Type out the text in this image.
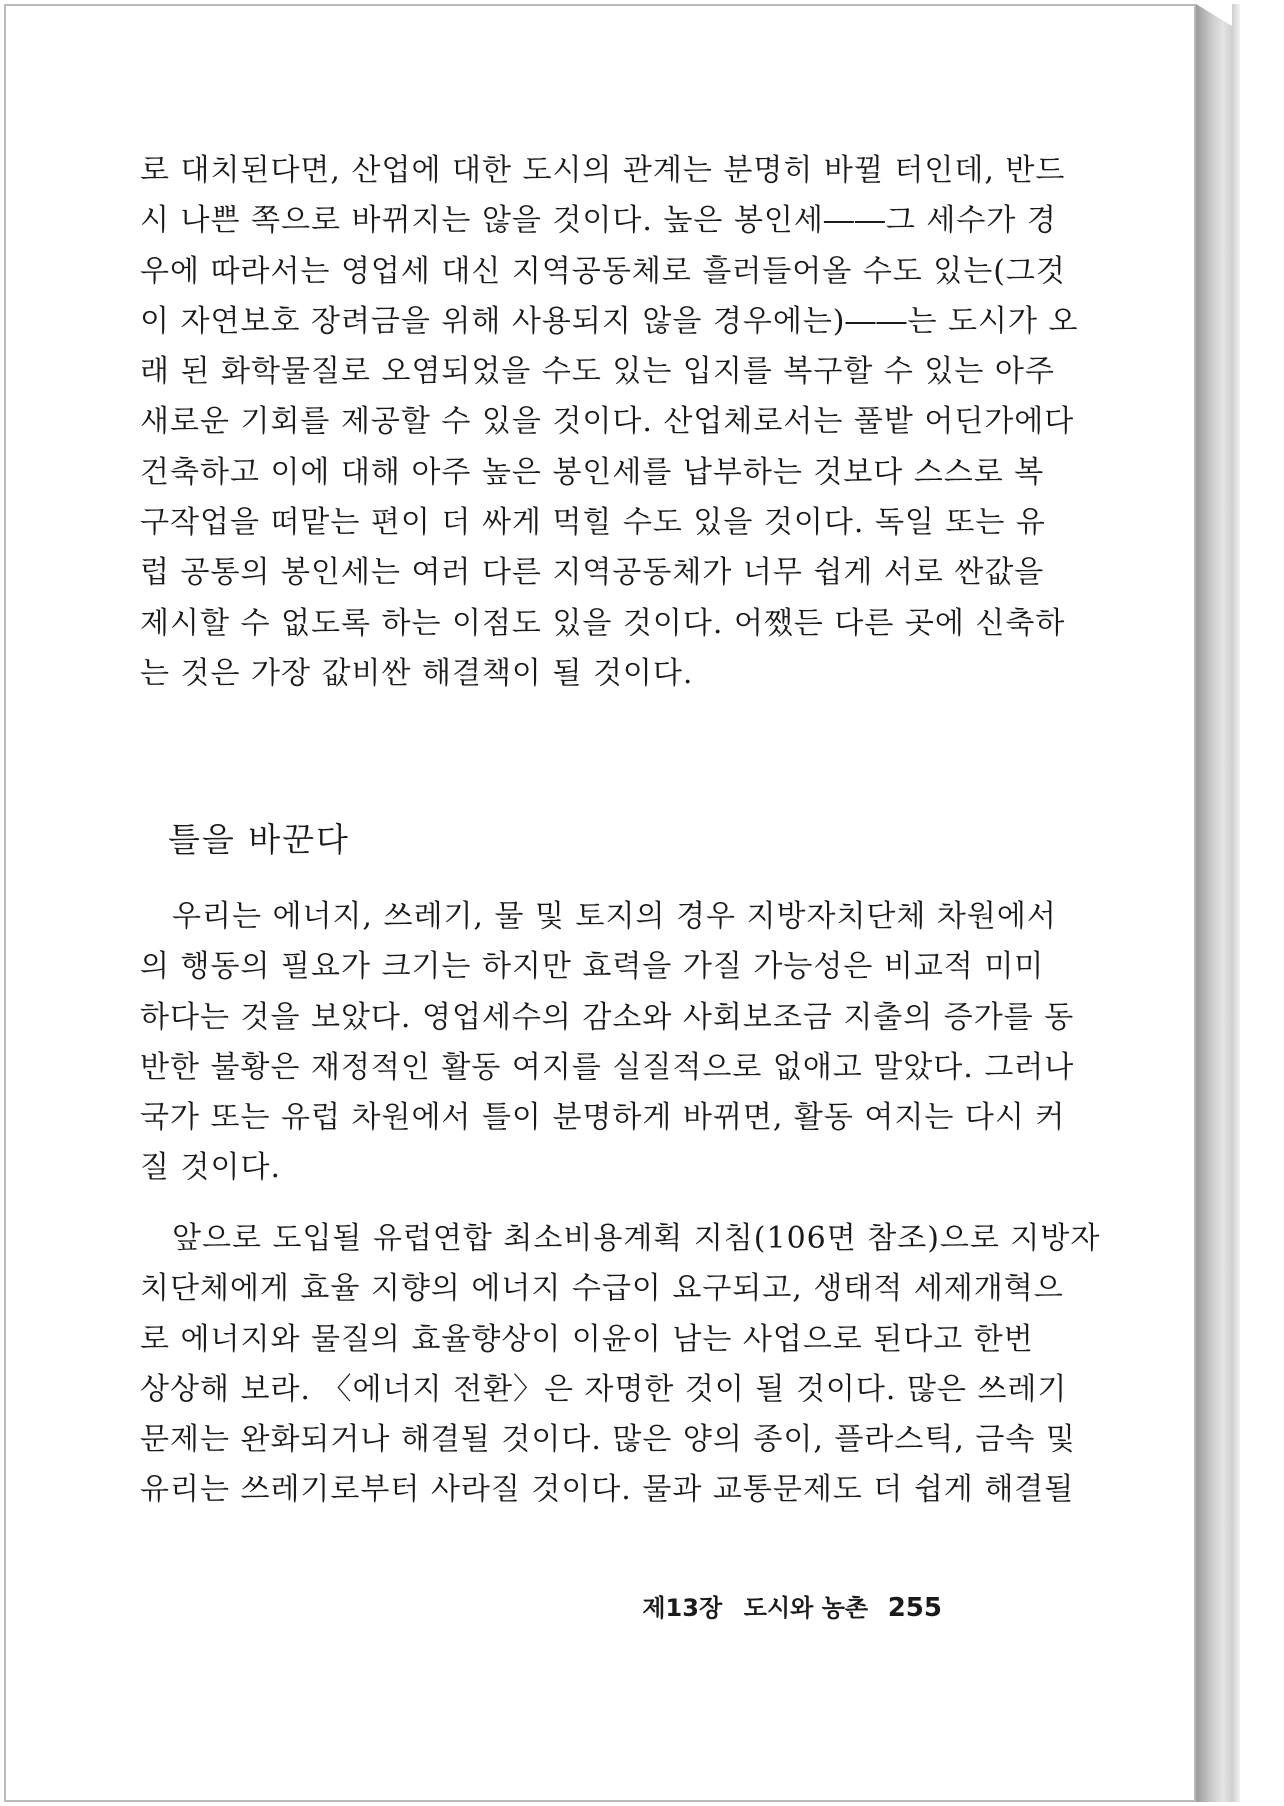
로 대치된다면, 산업에 대한 도시의 관계는 분명히 바뀔 터인데, 반드
시 나쁜 쪽으로 바뀌지는 않을 것이다. 높은 봉인세――그 세수가 경
우에 따라서는 영업세 대신 지역공동체로 흘러들어올 수도 있는(그것
이 자연보호 장려금을 위해 사용되지 않을 경우에는)――는 도시가 오
래 된 화학물질로 오염되었을 수도 있는 입지를 복구할 수 있는 아주
새로운 기회를 제공할 수 있을 것이다. 산업체로서는 풀밭 어딘가에다
건축하고 이에 대해 아주 높은 봉인세를 납부하는 것보다 스스로 복
구작업을 떠맡는 편이 더 싸게 먹힐 수도 있을 것이다. 독일 또는 유
럽 공통의 봉인세는 여러 다른 지역공동체가 너무 쉽게 서로 싼값을
제시할 수 없도록 하는 이점도 있을 것이다. 어쨌든 다른 곳에 신축하
는 것은 가장 값비싼 해결책이 될 것이다.
틀을 바꾼다
우리는 에너지, 쓰레기, 물 및 토지의 경우 지방자치단체 차원에서
의 행동의 필요가 크기는 하지만 효력을 가질 가능성은 비교적 미미
하다는 것을 보았다. 영업세수의 감소와 사회보조금 지출의 증가를 동
반한 불황은 재정적인 활동 여지를 실질적으로 없애고 말았다. 그러나
국가 또는 유럽 차원에서 틀이 분명하게 바뀌면, 활동 여지는 다시 커
질 것이다.
앞으로 도입될 유럽연합 최소비용계획 지침(106면 참조)으로 지방자
치단체에게 효율 지향의 에너지 수급이 요구되고, 생태적 세제개혁으
로 에너지와 물질의 효율향상이 이윤이 남는 사업으로 된다고 한번
상상해 보라. 〈에너지 전환〉은 자명한 것이 될 것이다. 많은 쓰레기
문제는 완화되거나 해결될 것이다. 많은 양의 종이, 플라스틱, 금속 및
유리는 쓰레기로부터 사라질 것이다. 물과 교통문제도 더 쉽게 해결될
제13장 도시와 농촌 255
